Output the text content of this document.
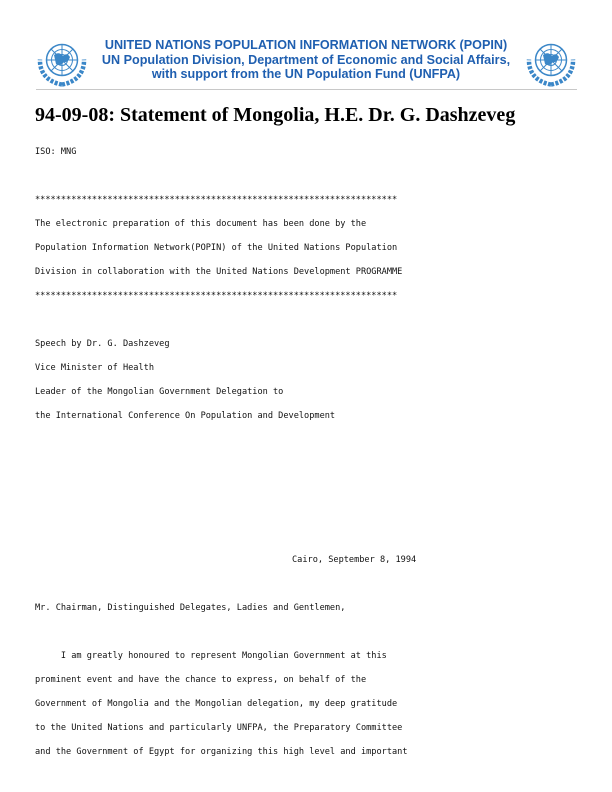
UNITED NATIONS POPULATION INFORMATION NETWORK (POPIN)
UN Population Division, Department of Economic and Social Affairs,
with support from the UN Population Fund (UNFPA)
94-09-08: Statement of Mongolia, H.E. Dr. G. Dashzeveg
ISO: MNG
**********************************************************************
The electronic preparation of this document has been done by the
Population Information Network(POPIN) of the United Nations Population
Division in collaboration with the United Nations Development PROGRAMME
**********************************************************************
Speech by Dr. G. Dashzeveg
Vice Minister of Health
Leader of the Mongolian Government Delegation to
the International Conference On Population and Development
Cairo, September 8, 1994
Mr. Chairman, Distinguished Delegates, Ladies and Gentlemen,
I am greatly honoured to represent Mongolian Government at this
prominent event and have the chance to express, on behalf of the
Government of Mongolia and the Mongolian delegation, my deep gratitude
to the United Nations and particularly UNFPA, the Preparatory Committee
and the Government of Egypt for organizing this high level and important
